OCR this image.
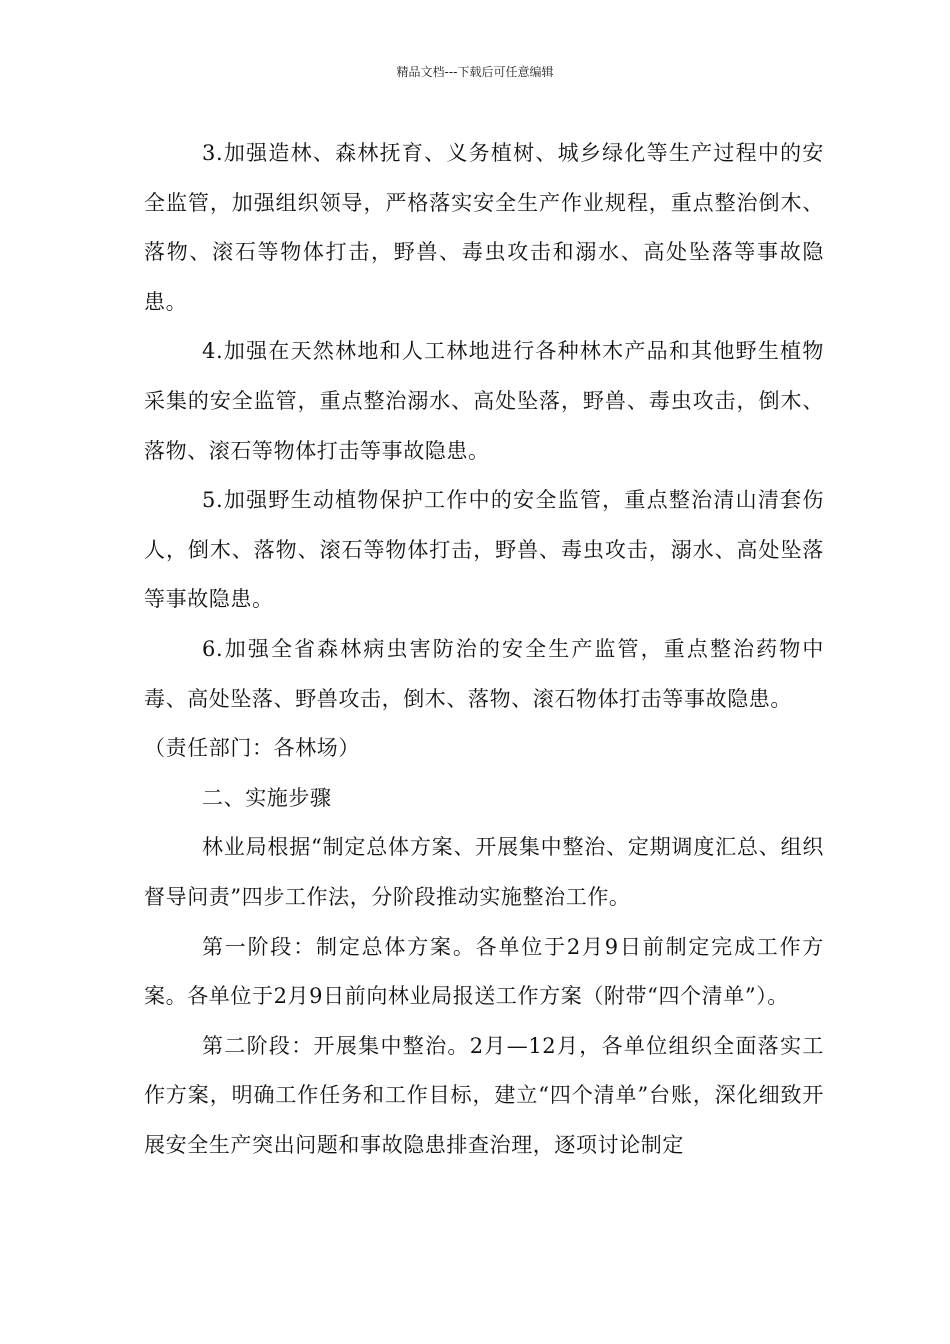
精品文档---下载后可任意编辑

3.加强造林、森林抚育、义务植树、城乡绿化等生产过程中的安全监管，加强组织领导，严格落实安全生产作业规程，重点整治倒木、落物、滚石等物体打击，野兽、毒虫攻击和溺水、高处坠落等事故隐患。

4.加强在天然林地和人工林地进行各种林木产品和其他野生植物采集的安全监管，重点整治溺水、高处坠落，野兽、毒虫攻击，倒木、落物、滚石等物体打击等事故隐患。

5.加强野生动植物保护工作中的安全监管，重点整治清山清套伤人，倒木、落物、滚石等物体打击，野兽、毒虫攻击，溺水、高处坠落等事故隐患。

6.加强全省森林病虫害防治的安全生产监管，重点整治药物中毒、高处坠落、野兽攻击，倒木、落物、滚石物体打击等事故隐患。

（责任部门：各林场）

二、实施步骤

林业局根据“制定总体方案、开展集中整治、定期调度汇总、组织督导问责”四步工作法，分阶段推动实施整治工作。

第一阶段：制定总体方案。各单位于2月9日前制定完成工作方案。各单位于2月9日前向林业局报送工作方案（附带“四个清单”）。

第二阶段：开展集中整治。2月—12月，各单位组织全面落实工作方案，明确工作任务和工作目标，建立“四个清单”台账，深化细致开展安全生产突出问题和事故隐患排查治理，逐项讨论制定
